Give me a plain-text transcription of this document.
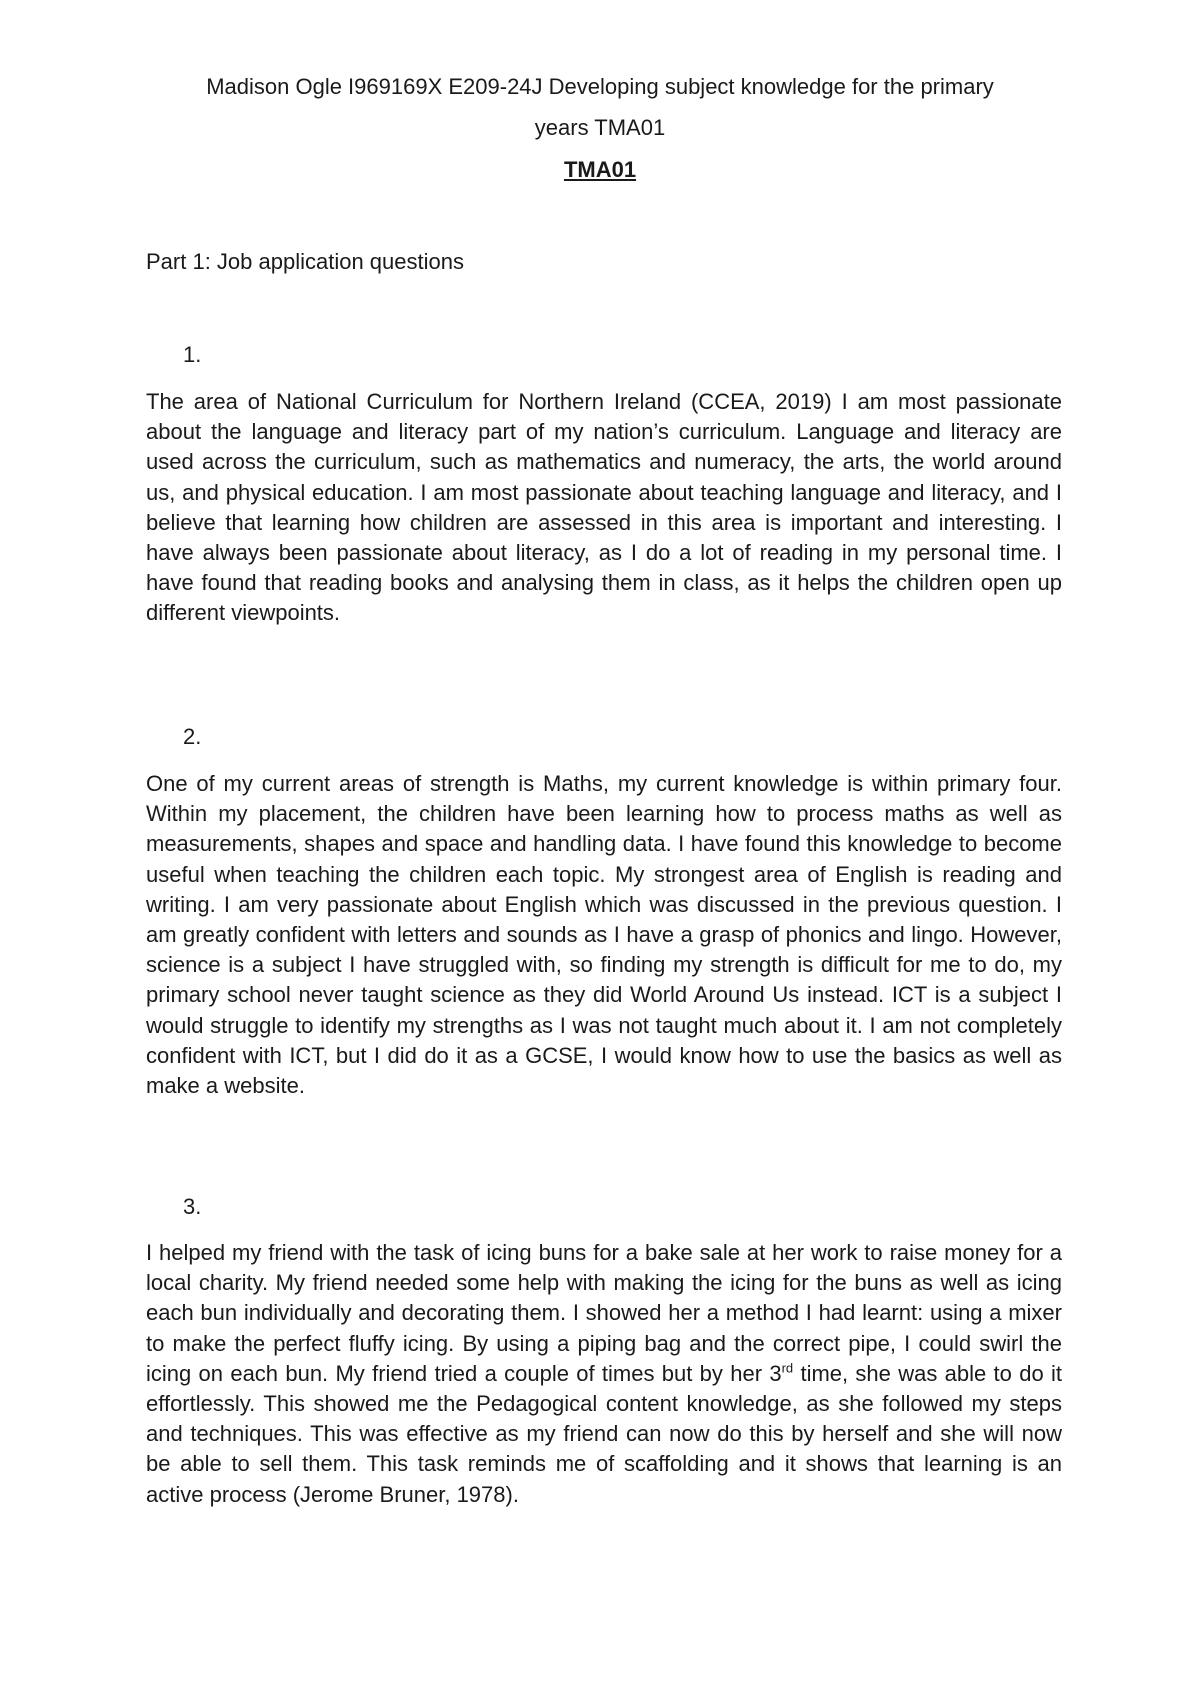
Madison Ogle I969169X E209-24J Developing subject knowledge for the primary
years TMA01
TMA01
Part 1: Job application questions
1.

The area of National Curriculum for Northern Ireland (CCEA, 2019) I am most passionate about the language and literacy part of my nation’s curriculum. Language and literacy are used across the curriculum, such as mathematics and numeracy, the arts, the world around us, and physical education. I am most passionate about teaching language and literacy, and I believe that learning how children are assessed in this area is important and interesting. I have always been passionate about literacy, as I do a lot of reading in my personal time. I have found that reading books and analysing them in class, as it helps the children open up different viewpoints.

2.

One of my current areas of strength is Maths, my current knowledge is within primary four. Within my placement, the children have been learning how to process maths as well as measurements, shapes and space and handling data. I have found this knowledge to become useful when teaching the children each topic. My strongest area of English is reading and writing. I am very passionate about English which was discussed in the previous question. I am greatly confident with letters and sounds as I have a grasp of phonics and lingo. However, science is a subject I have struggled with, so finding my strength is difficult for me to do, my primary school never taught science as they did World Around Us instead. ICT is a subject I would struggle to identify my strengths as I was not taught much about it. I am not completely confident with ICT, but I did do it as a GCSE, I would know how to use the basics as well as make a website.

3.

I helped my friend with the task of icing buns for a bake sale at her work to raise money for a local charity. My friend needed some help with making the icing for the buns as well as icing each bun individually and decorating them. I showed her a method I had learnt: using a mixer to make the perfect fluffy icing. By using a piping bag and the correct pipe, I could swirl the icing on each bun. My friend tried a couple of times but by her 3rd time, she was able to do it effortlessly. This showed me the Pedagogical content knowledge, as she followed my steps and techniques. This was effective as my friend can now do this by herself and she will now be able to sell them. This task reminds me of scaffolding and it shows that learning is an active process (Jerome Bruner, 1978).
